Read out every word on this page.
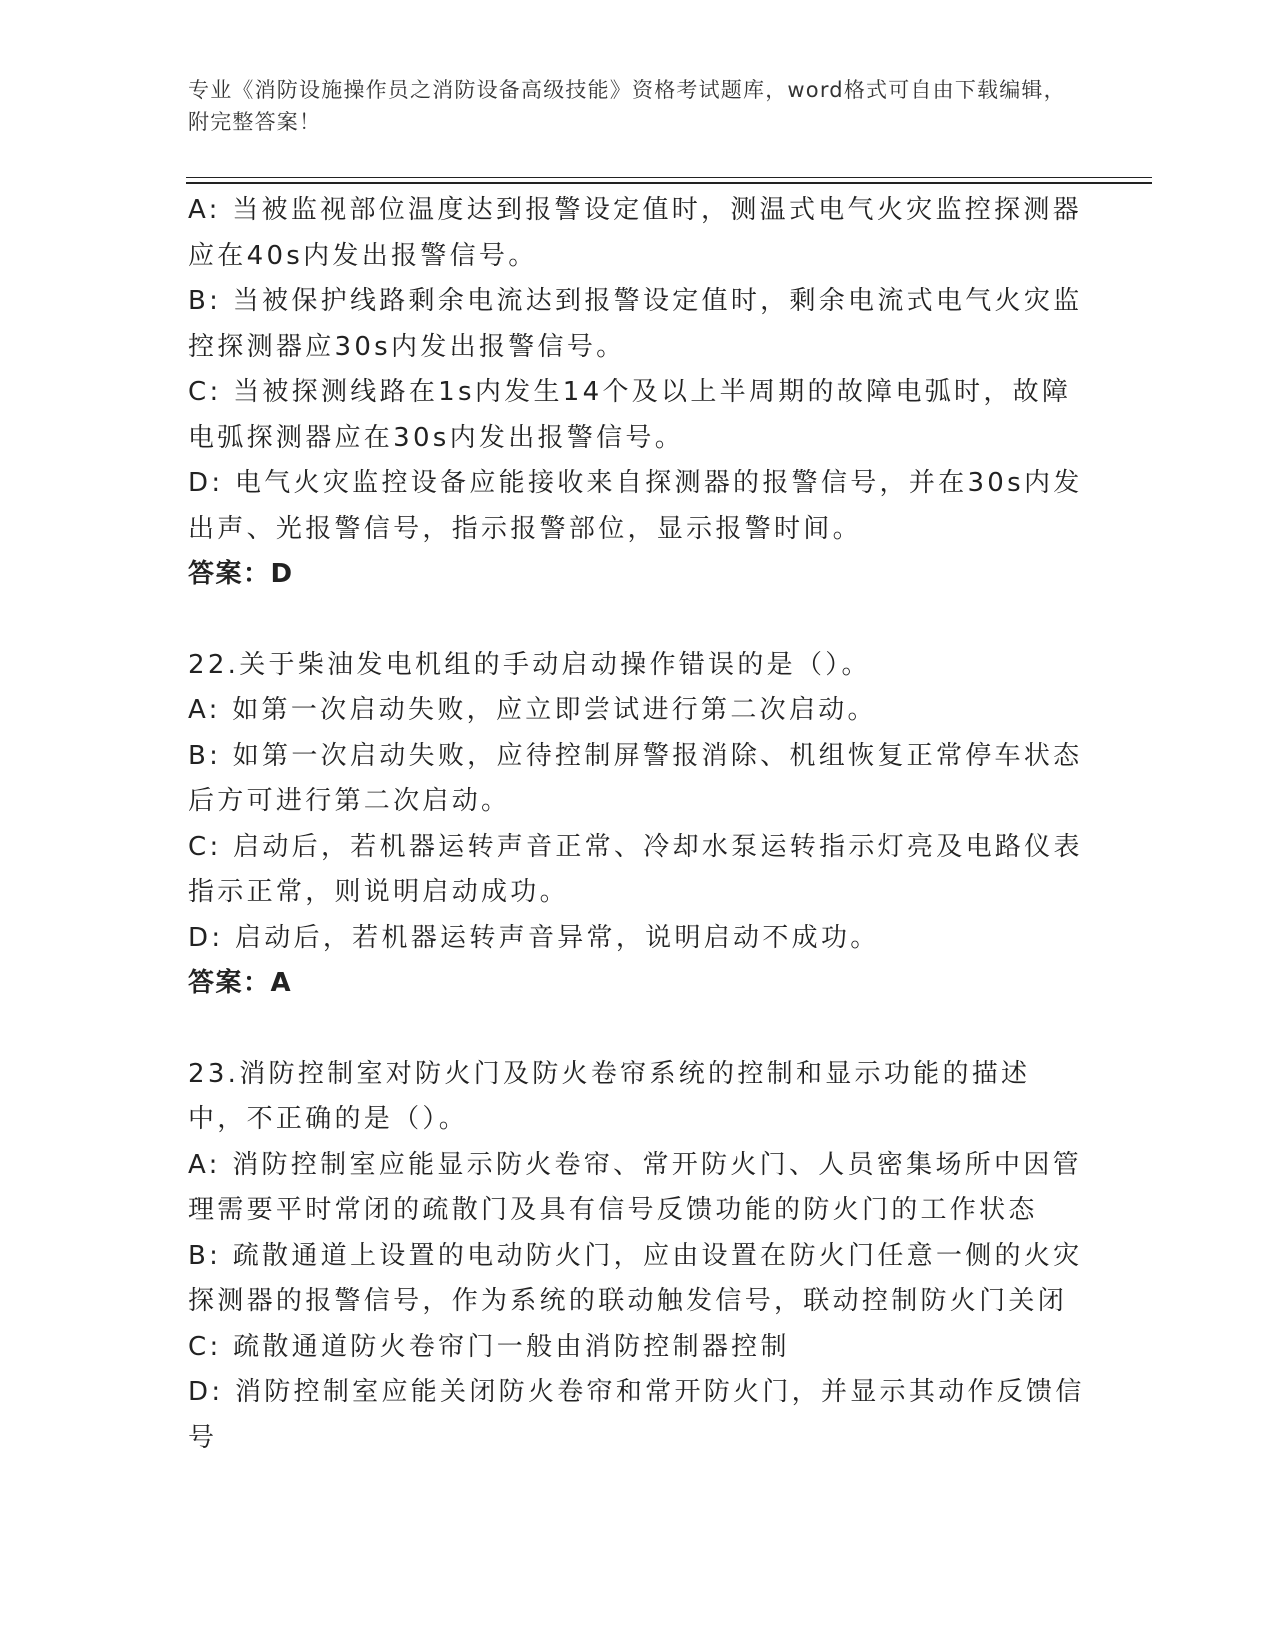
专业《消防设施操作员之消防设备高级技能》资格考试题库，word格式可自由下载编辑，附完整答案！

A: 当被监视部位温度达到报警设定值时，测温式电气火灾监控探测器应在40s内发出报警信号。

B: 当被保护线路剩余电流达到报警设定值时，剩余电流式电气火灾监控探测器应30s内发出报警信号。

C: 当被探测线路在1s内发生14个及以上半周期的故障电弧时，故障电弧探测器应在30s内发出报警信号。

D: 电气火灾监控设备应能接收来自探测器的报警信号，并在30s内发出声、光报警信号，指示报警部位，显示报警时间。

答案：D

22.关于柴油发电机组的手动启动操作错误的是（）。

A: 如第一次启动失败，应立即尝试进行第二次启动。

B: 如第一次启动失败，应待控制屏警报消除、机组恢复正常停车状态后方可进行第二次启动。

C: 启动后，若机器运转声音正常、冷却水泵运转指示灯亮及电路仪表指示正常，则说明启动成功。

D: 启动后，若机器运转声音异常，说明启动不成功。

答案：A

23.消防控制室对防火门及防火卷帘系统的控制和显示功能的描述中，不正确的是（）。

A: 消防控制室应能显示防火卷帘、常开防火门、人员密集场所中因管理需要平时常闭的疏散门及具有信号反馈功能的防火门的工作状态

B: 疏散通道上设置的电动防火门，应由设置在防火门任意一侧的火灾探测器的报警信号，作为系统的联动触发信号，联动控制防火门关闭

C: 疏散通道防火卷帘门一般由消防控制器控制

D: 消防控制室应能关闭防火卷帘和常开防火门，并显示其动作反馈信号
